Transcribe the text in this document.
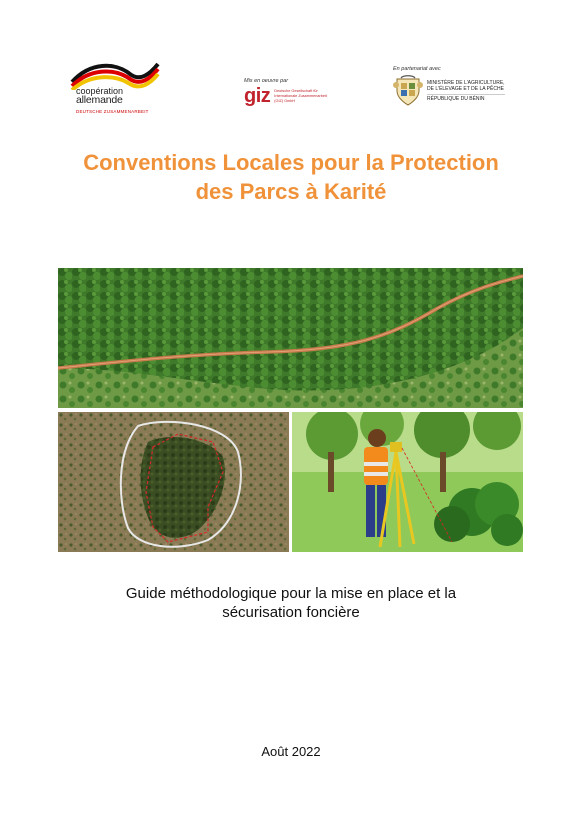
coopération
allemande
DEUTSCHE ZUSAMMENARBEIT
Mis en oeuvre par
giz Deutsche Gesellschaft für Internationale Zusammenarbeit (GIZ) GmbH
En partenariat avec
MINISTÈRE DE L'AGRICULTURE,
DE L'ÉLEVAGE ET DE LA PÊCHE
RÉPUBLIQUE DU BÉNIN
Conventions Locales pour la Protection
des Parcs à Karité
Guide méthodologique pour la mise en place et la
sécurisation foncière
Août 2022
